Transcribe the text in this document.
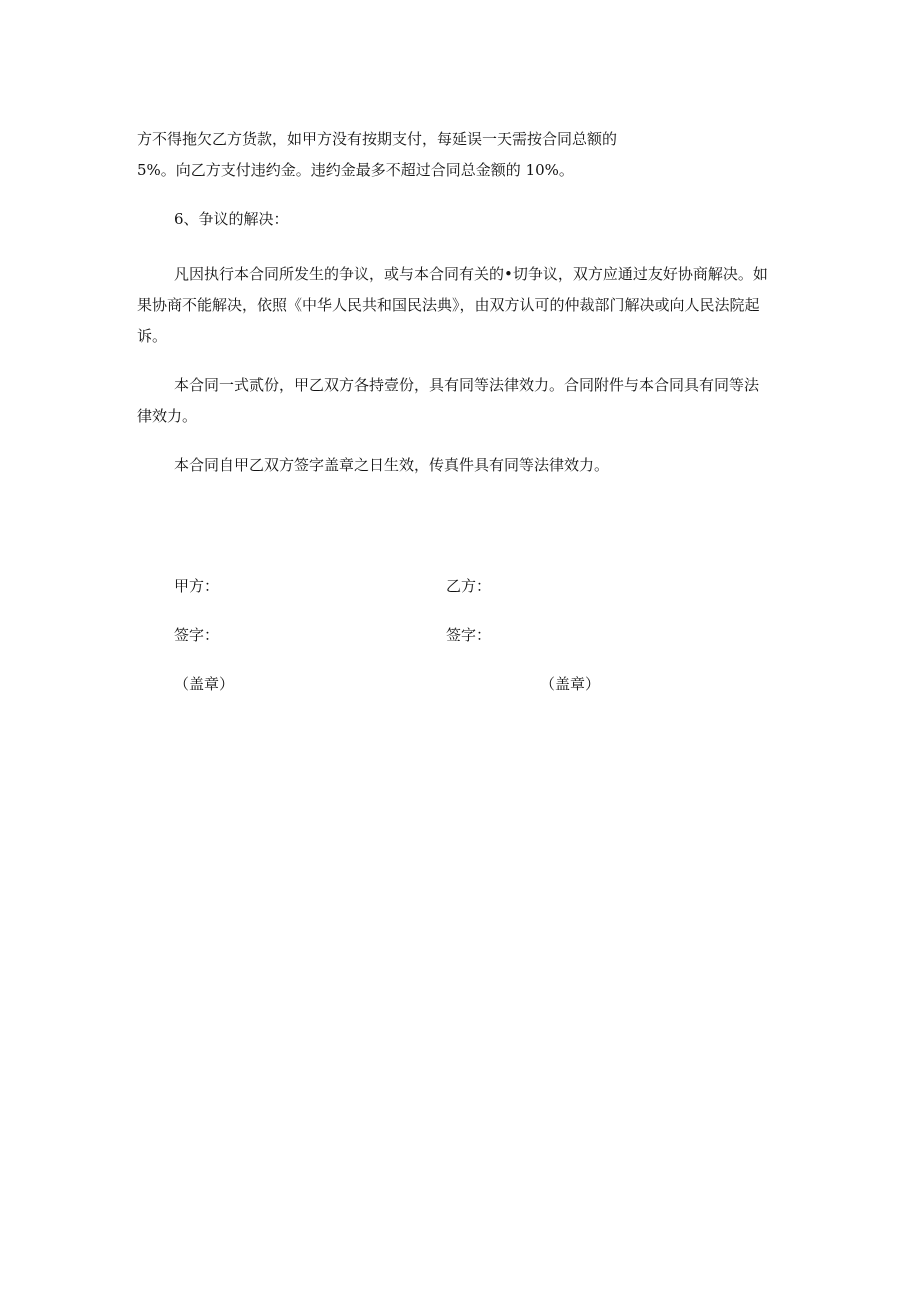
方不得拖欠乙方货款，如甲方没有按期支付，每延误一天需按合同总额的
5%。向乙方支付违约金。违约金最多不超过合同总金额的 10%。
6、争议的解决：
凡因执行本合同所发生的争议，或与本合同有关的•切争议，双方应通过友好协商解决。如
果协商不能解决，依照《中华人民共和国民法典》，由双方认可的仲裁部门解决或向人民法院起
诉。
本合同一式贰份，甲乙双方各持壹份，具有同等法律效力。合同附件与本合同具有同等法
律效力。
本合同自甲乙双方签字盖章之日生效，传真件具有同等法律效力。
甲方：	乙方：
签字：	签字：
（盖章）	（盖章）
